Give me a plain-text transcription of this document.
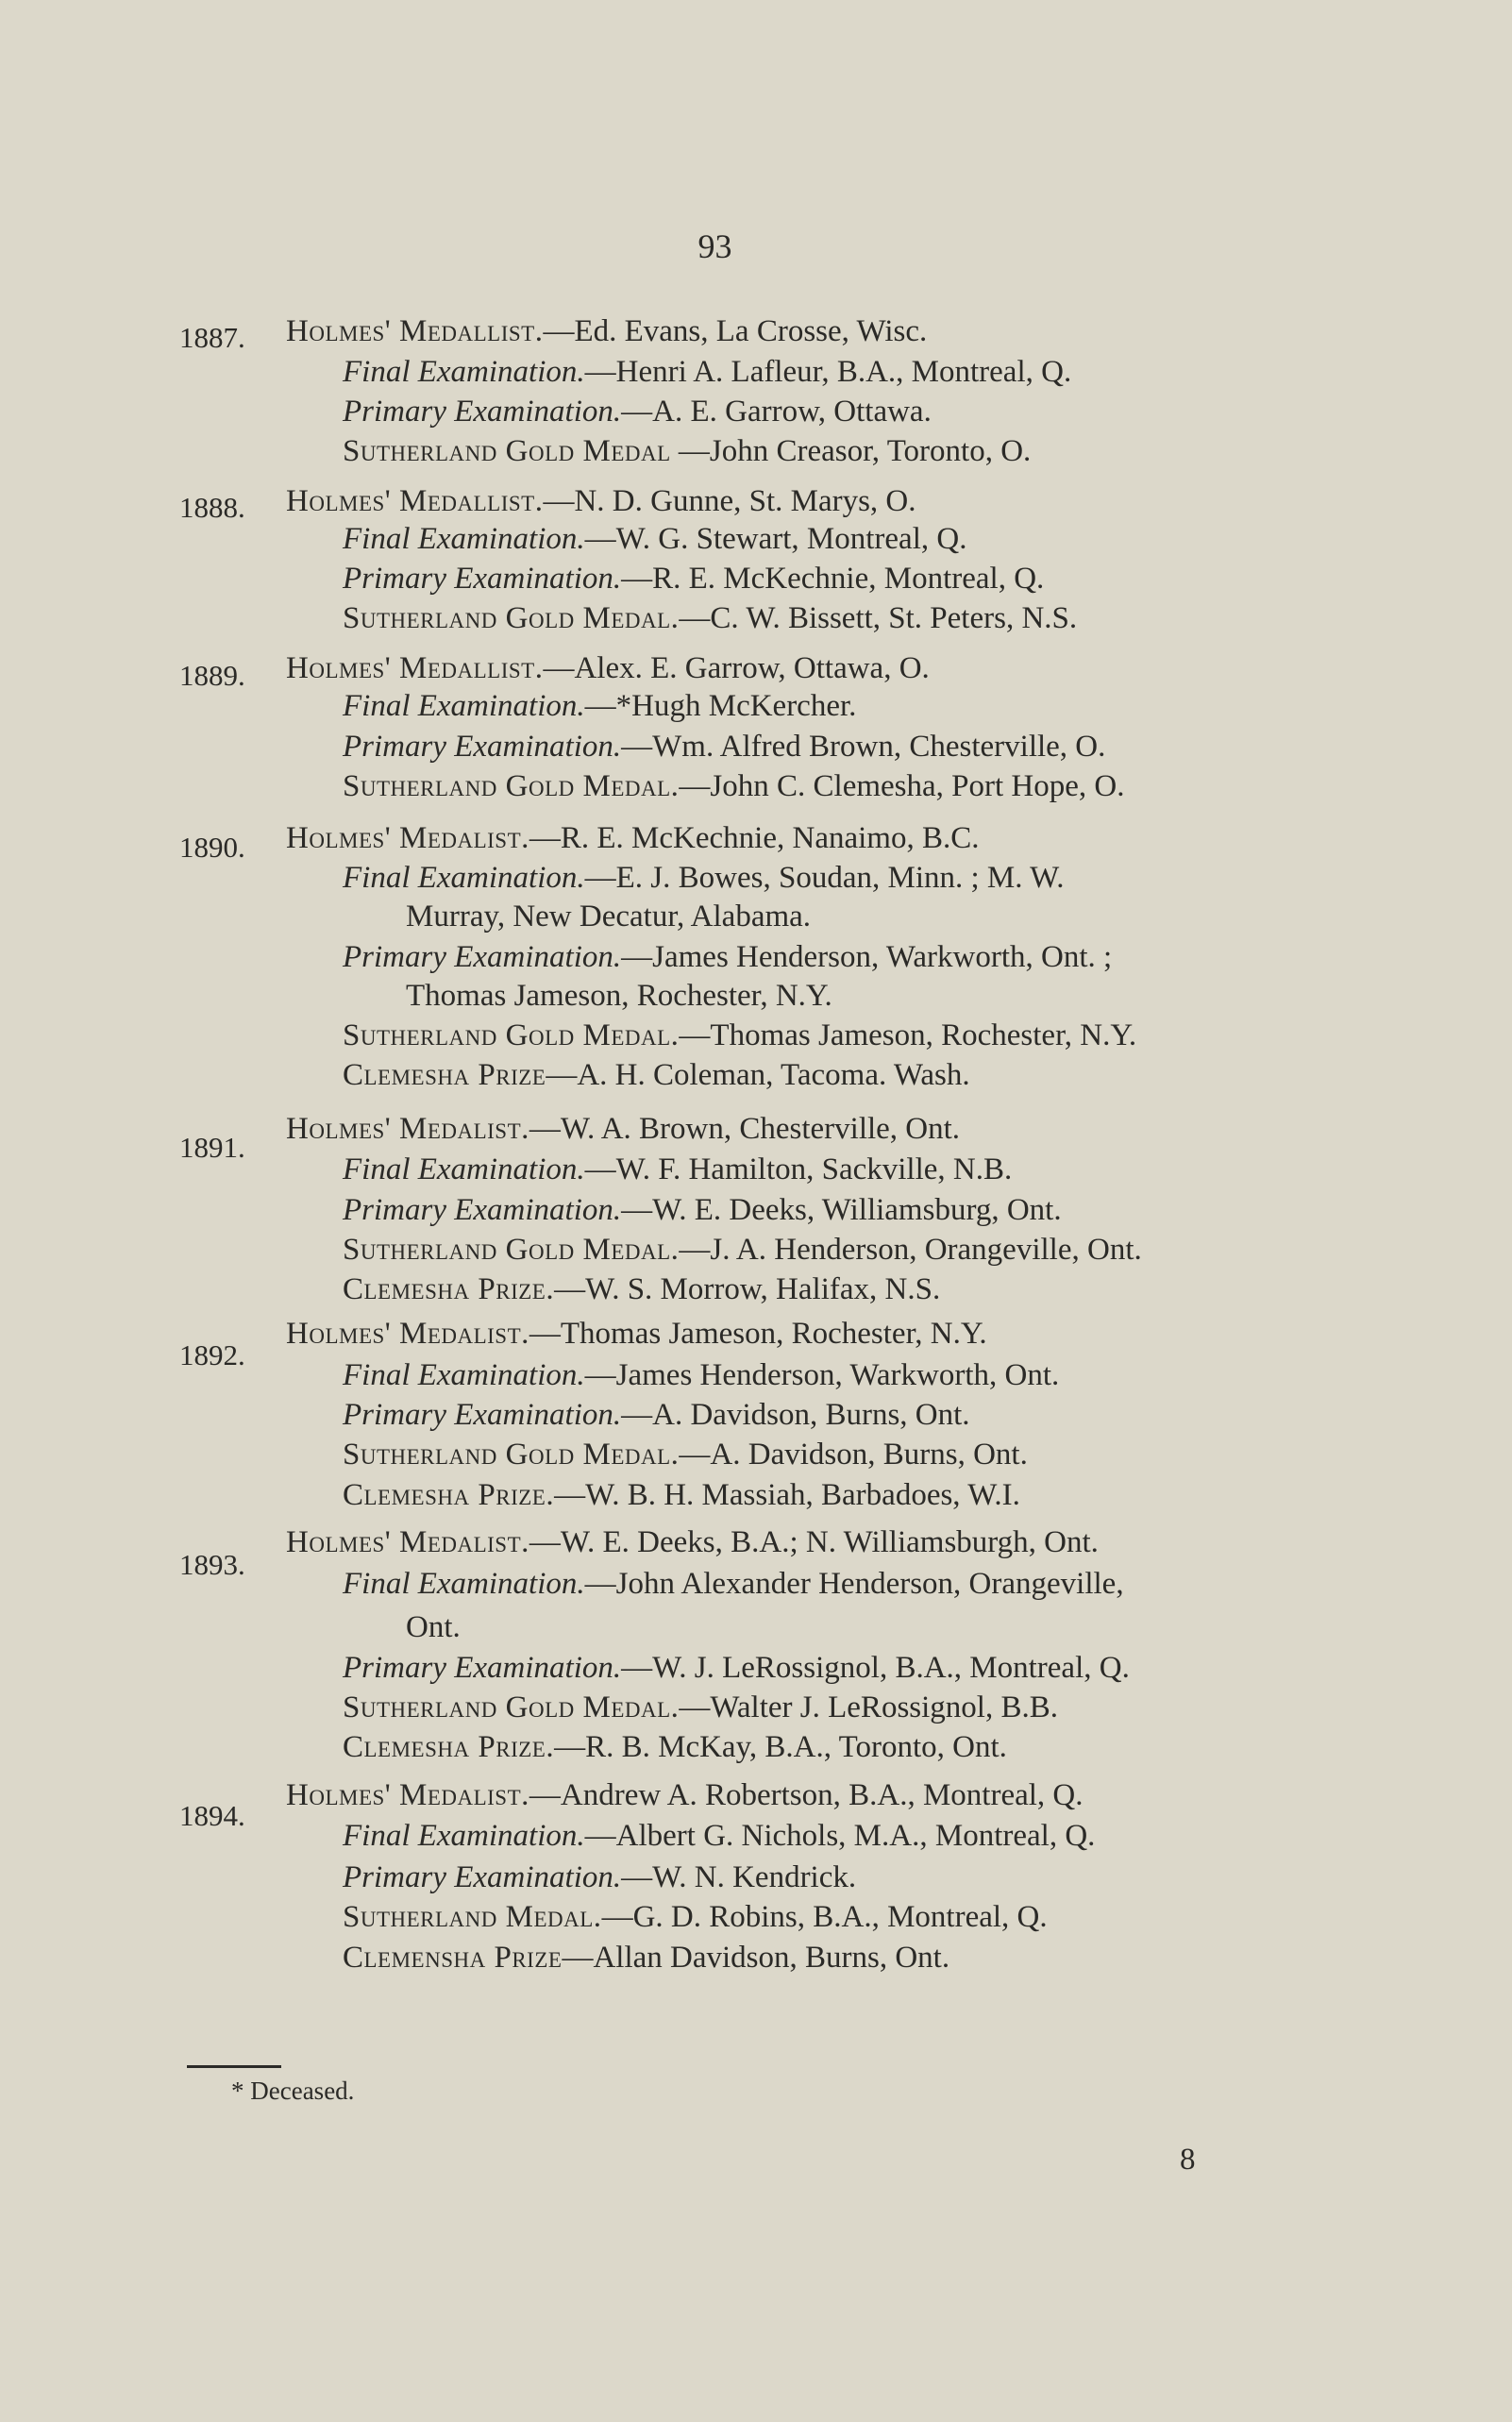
93
1887. Holmes' Medallist.—Ed. Evans, La Crosse, Wisc.
Final Examination.—Henri A. Lafleur, B.A., Montreal, Q.
Primary Examination.—A. E. Garrow, Ottawa.
Sutherland Gold Medal —John Creasor, Toronto, O.
1888. Holmes' Medallist.—N. D. Gunne, St. Marys, O.
Final Examination.—W. G. Stewart, Montreal, Q.
Primary Examination.—R. E. McKechnie, Montreal, Q.
Sutherland Gold Medal.—C. W. Bissett, St. Peters, N.S.
1889. Holmes' Medallist.—Alex. E. Garrow, Ottawa, O.
Final Examination.—*Hugh McKercher.
Primary Examination.—Wm. Alfred Brown, Chesterville, O.
Sutherland Gold Medal.—John C. Clemesha, Port Hope, O.
1890. Holmes' Medalist.—R. E. McKechnie, Nanaimo, B.C.
Final Examination.—E. J. Bowes, Soudan, Minn. ; M. W.
Murray, New Decatur, Alabama.
Primary Examination.—James Henderson, Warkworth, Ont. ;
Thomas Jameson, Rochester, N.Y.
Sutherland Gold Medal.—Thomas Jameson, Rochester, N.Y.
Clemesha Prize—A. H. Coleman, Tacoma. Wash.
1891.
Holmes' Medalist.—W. A. Brown, Chesterville, Ont.
Final Examination.—W. F. Hamilton, Sackville, N.B.
Primary Examination.—W. E. Deeks, Williamsburg, Ont.
Sutherland Gold Medal.—J. A. Henderson, Orangeville, Ont.
Clemesha Prize.—W. S. Morrow, Halifax, N.S.
1892.
Holmes' Medalist.—Thomas Jameson, Rochester, N.Y.
Final Examination.—James Henderson, Warkworth, Ont.
Primary Examination.—A. Davidson, Burns, Ont.
Sutherland Gold Medal.—A. Davidson, Burns, Ont.
Clemesha Prize.—W. B. H. Massiah, Barbadoes, W.I.
1893.
Holmes' Medalist.—W. E. Deeks, B.A.; N. Williamsburgh, Ont.
Final Examination.—John Alexander Henderson, Orangeville,
Ont.
Primary Examination.—W. J. LeRossignol, B.A., Montreal, Q.
Sutherland Gold Medal.—Walter J. LeRossignol, B.B.
Clemesha Prize.—R. B. McKay, B.A., Toronto, Ont.
1894.
Holmes' Medalist.—Andrew A. Robertson, B.A., Montreal, Q.
Final Examination.—Albert G. Nichols, M.A., Montreal, Q.
Primary Examination.—W. N. Kendrick.
Sutherland Medal.—G. D. Robins, B.A., Montreal, Q.
Clemensha Prize—Allan Davidson, Burns, Ont.
* Deceased.
8
